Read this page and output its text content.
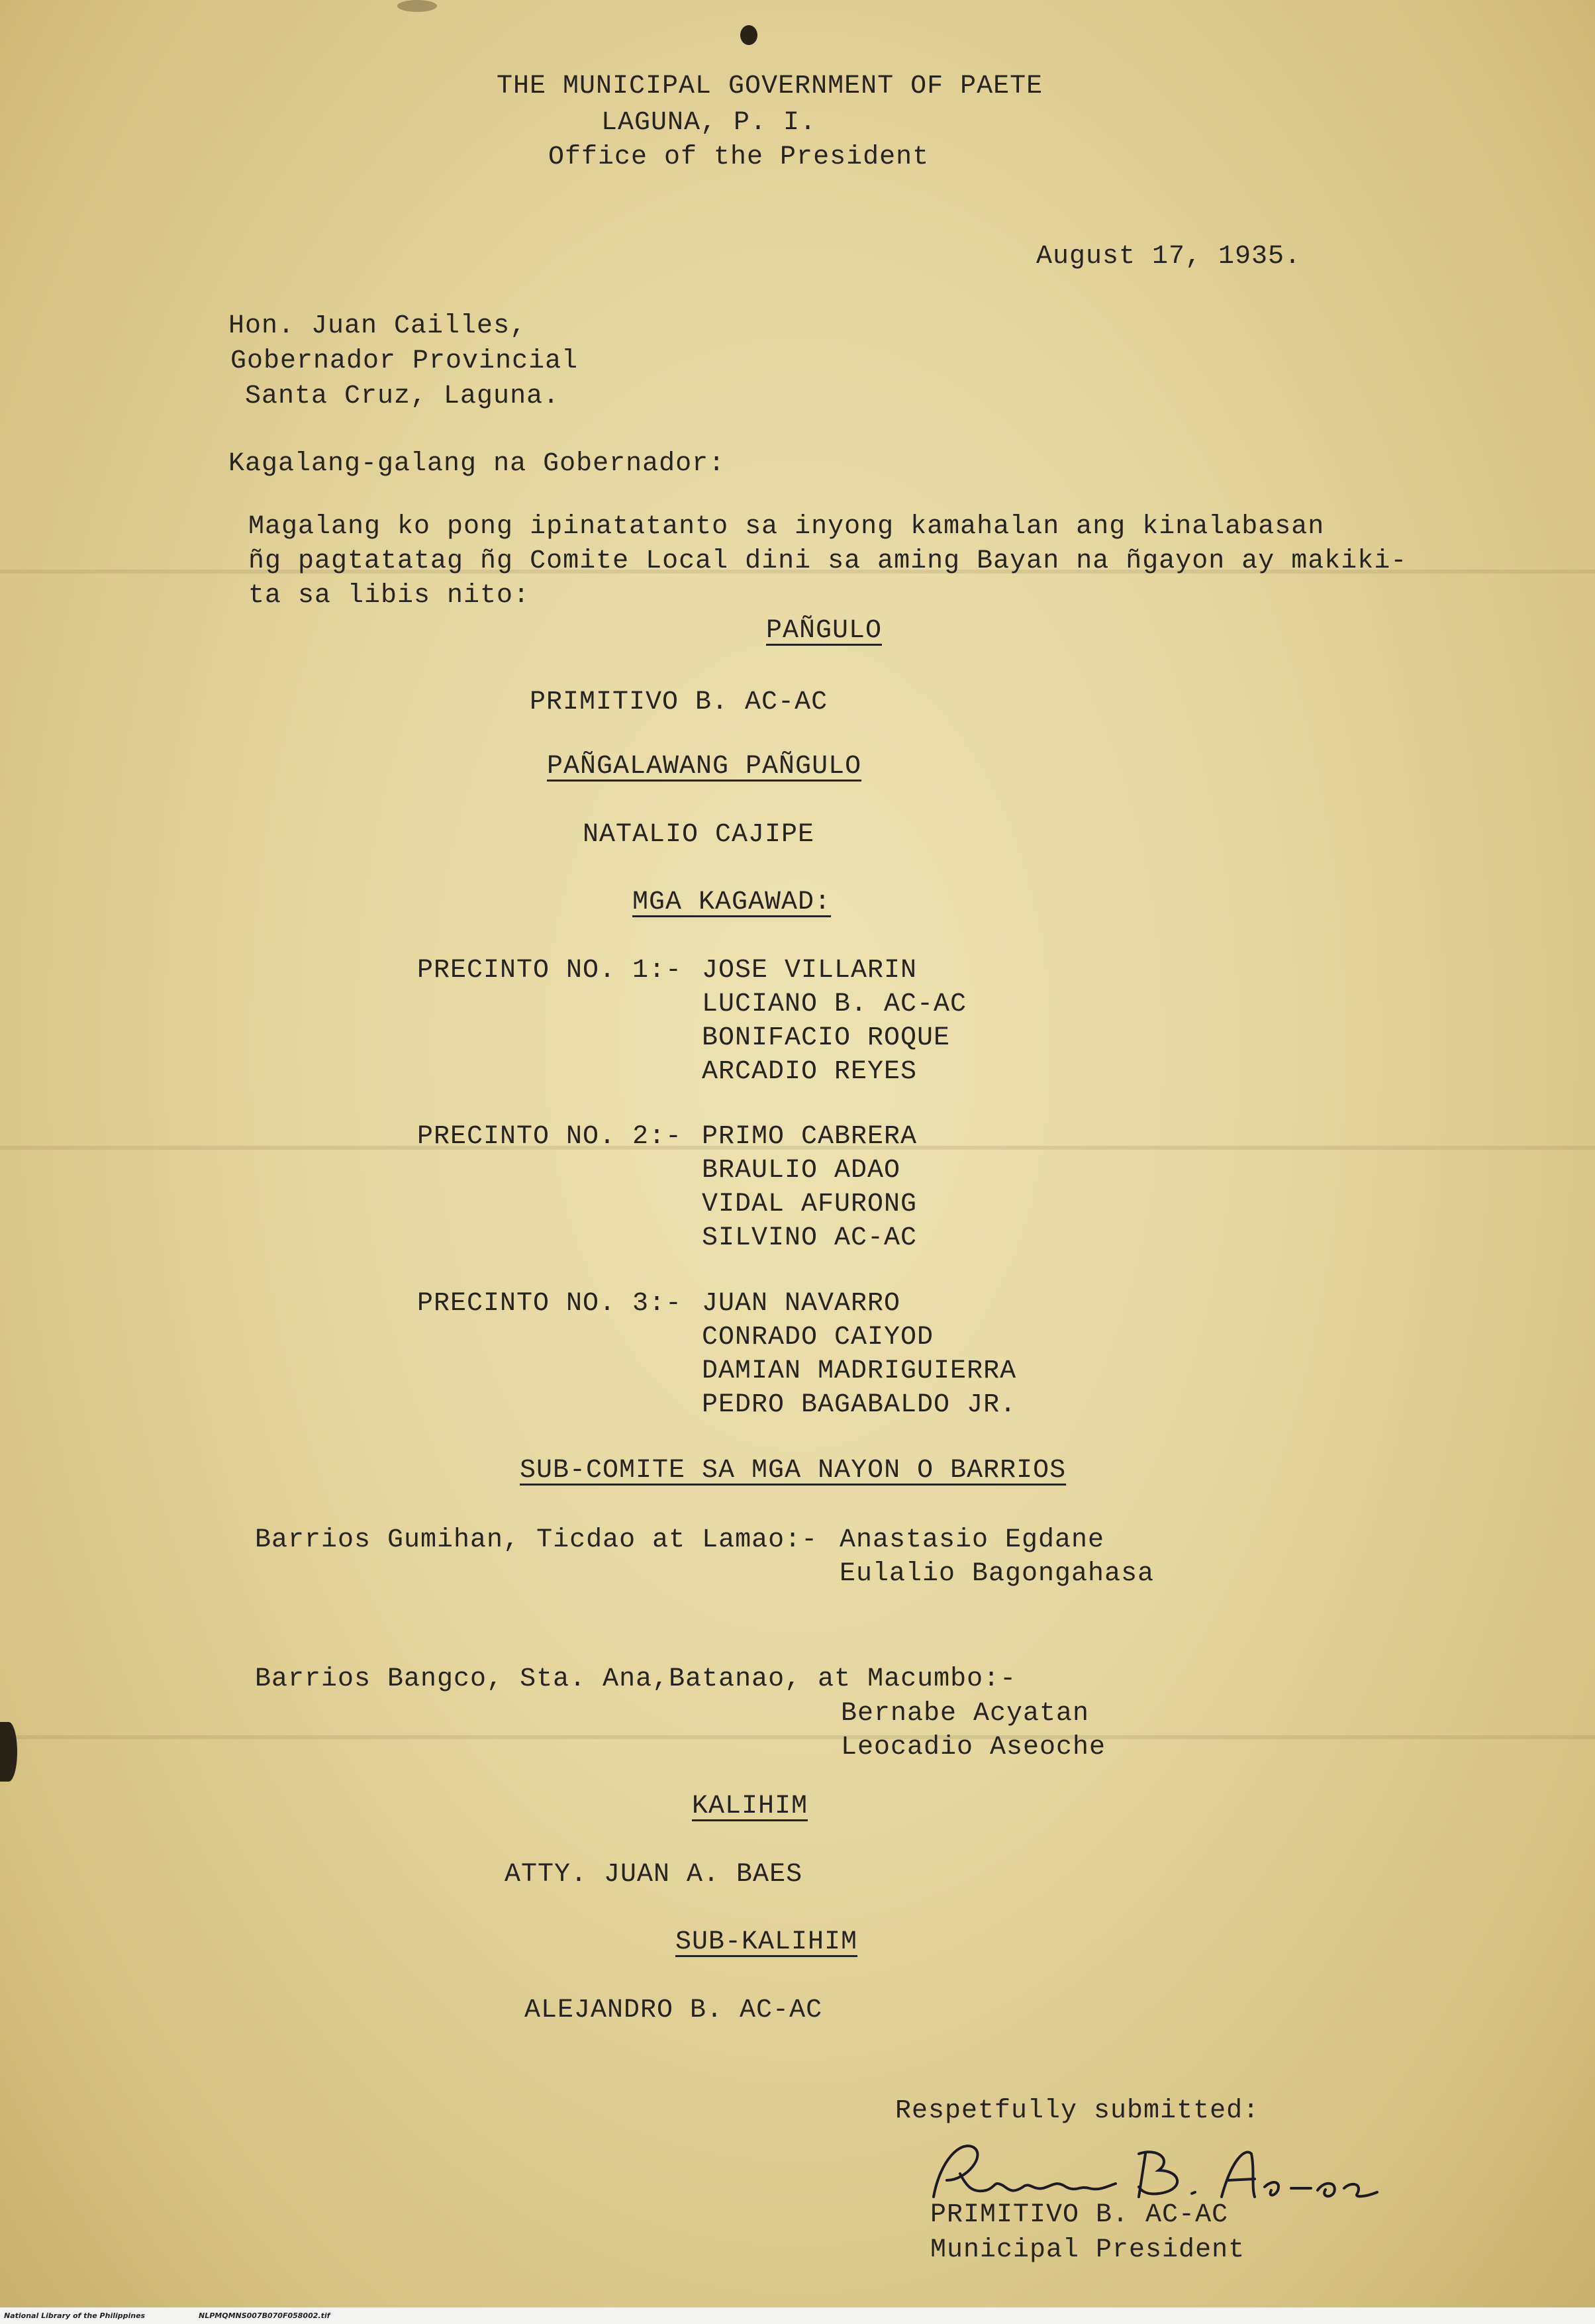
THE MUNICIPAL GOVERNMENT OF PAETE
LAGUNA, P. I.
Office of the President
August 17, 1935.
Hon. Juan Cailles,
Gobernador Provincial
Santa Cruz, Laguna.
Kagalang-galang na Gobernador:
Magalang ko pong ipinatatanto sa inyong kamahalan ang kinalabasan
ñg pagtatatag ñg Comite Local dini sa aming Bayan na ñgayon ay makiki-
ta sa libis nito:
PAÑGULO
PRIMITIVO B. AC-AC
PAÑGALAWANG PAÑGULO
NATALIO CAJIPE
MGA KAGAWAD:
PRECINTO NO. 1:- JOSE VILLARIN
LUCIANO B. AC-AC
BONIFACIO ROQUE
ARCADIO REYES
PRECINTO NO. 2:- PRIMO CABRERA
BRAULIO ADAO
VIDAL AFURONG
SILVINO AC-AC
PRECINTO NO. 3:- JUAN NAVARRO
CONRADO CAIYOD
DAMIAN MADRIGUIERRA
PEDRO BAGABALDO JR.
SUB-COMITE SA MGA NAYON O BARRIOS
Barrios Gumihan, Ticdao at Lamao:- Anastasio Egdane
Eulalio Bagongahasa
Barrios Bangco, Sta. Ana,Batanao, at Macumbo:-
Bernabe Acyatan
Leocadio Aseoche
KALIHIM
ATTY. JUAN A. BAES
SUB-KALIHIM
ALEJANDRO B. AC-AC
Respetfully submitted:
PRIMITIVO B. AC-AC
Municipal President
National Library of the Philippines	NLPMQMNS007B070F058002.tif
